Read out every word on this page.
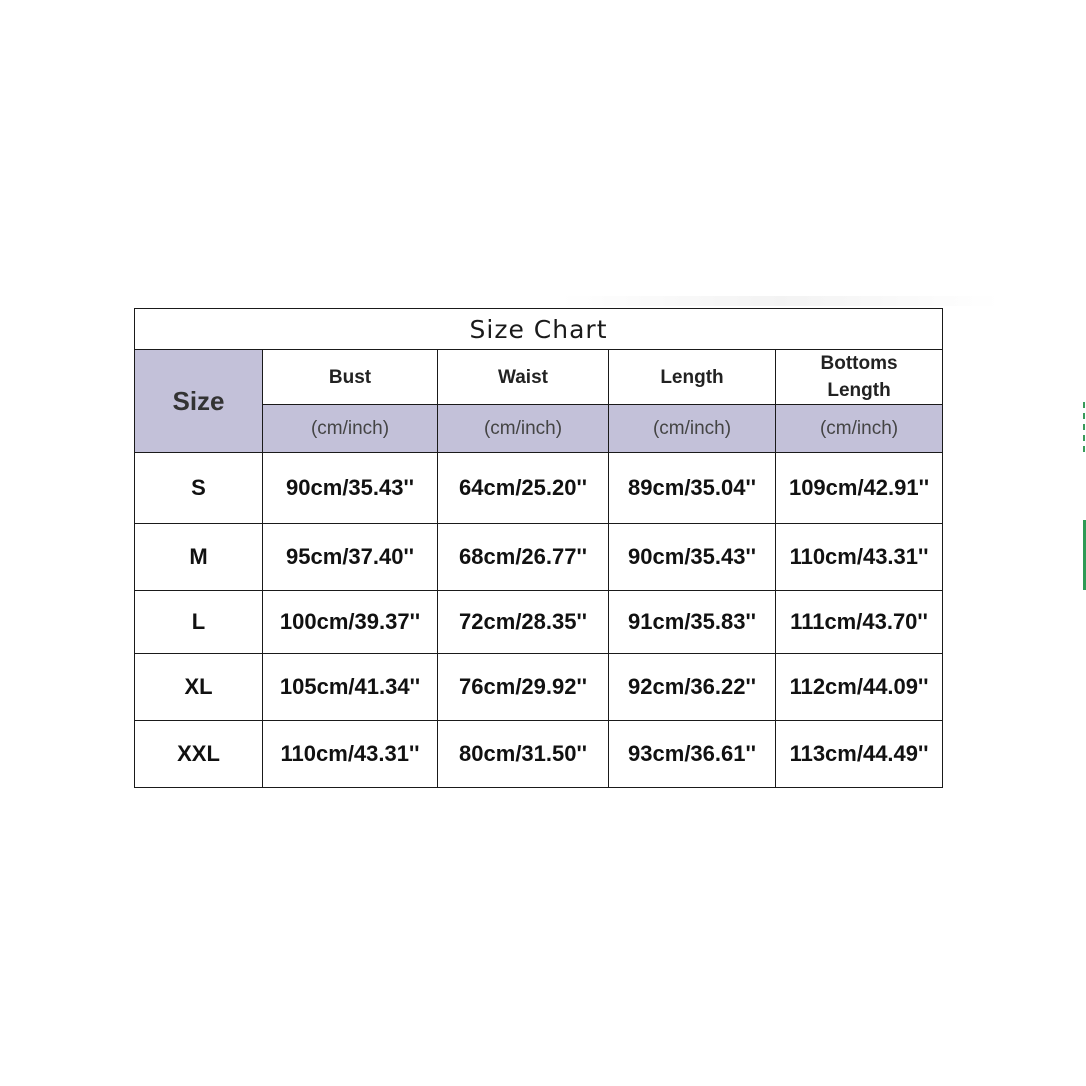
Size Chart				
Size	Bust	Waist	Length	Bottoms Length
	(cm/inch)	(cm/inch)	(cm/inch)	(cm/inch)
S	90cm/35.43''	64cm/25.20''	89cm/35.04''	109cm/42.91''
M	95cm/37.40''	68cm/26.77''	90cm/35.43''	110cm/43.31''
L	100cm/39.37''	72cm/28.35''	91cm/35.83''	111cm/43.70''
XL	105cm/41.34''	76cm/29.92''	92cm/36.22''	112cm/44.09''
XXL	110cm/43.31''	80cm/31.50''	93cm/36.61''	113cm/44.49''
